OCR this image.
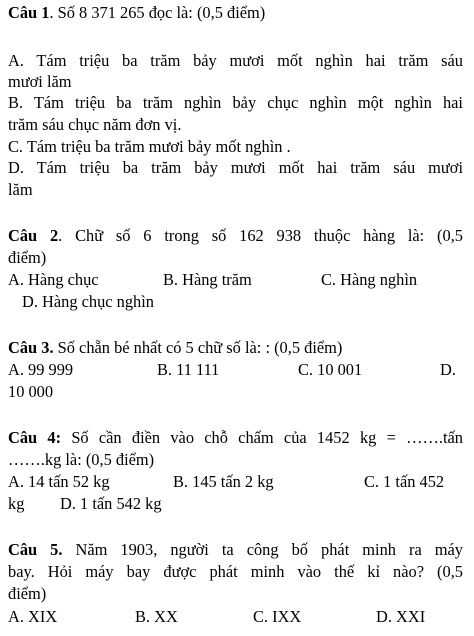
Câu 1. Số 8 371 265 đọc là: (0,5 điểm)
A. Tám triệu ba trăm bảy mươi mốt nghìn hai trăm sáu
mươi lăm
B. Tám triệu ba trăm nghìn bảy chục nghìn một nghìn hai
trăm sáu chục năm đơn vị.
C. Tám triệu ba trăm mươi bảy mốt nghìn .
D. Tám triệu ba trăm bảy mươi mốt hai trăm sáu mươi
lăm
Câu 2. Chữ số 6 trong số 162 938 thuộc hàng là: (0,5
điểm)
A. Hàng chục	B. Hàng trăm	C. Hàng nghìn
D. Hàng chục nghìn
Câu 3. Số chẵn bé nhất có 5 chữ số là: : (0,5 điểm)
A. 99 999	B. 11 111	C. 10 001	D.
10 000
Câu 4: Số cần điền vào chỗ chấm của 1452 kg = …….tấn
…….kg là: (0,5 điểm)
A. 14 tấn 52 kg	B. 145 tấn 2 kg	C. 1 tấn 452
kg D. 1 tấn 542 kg
Câu 5. Năm 1903, người ta công bố phát minh ra máy
bay. Hỏi máy bay được phát minh vào thế kỉ nào? (0,5
điểm)
A. XIX	B. XX	C. IXX	D. XXI
